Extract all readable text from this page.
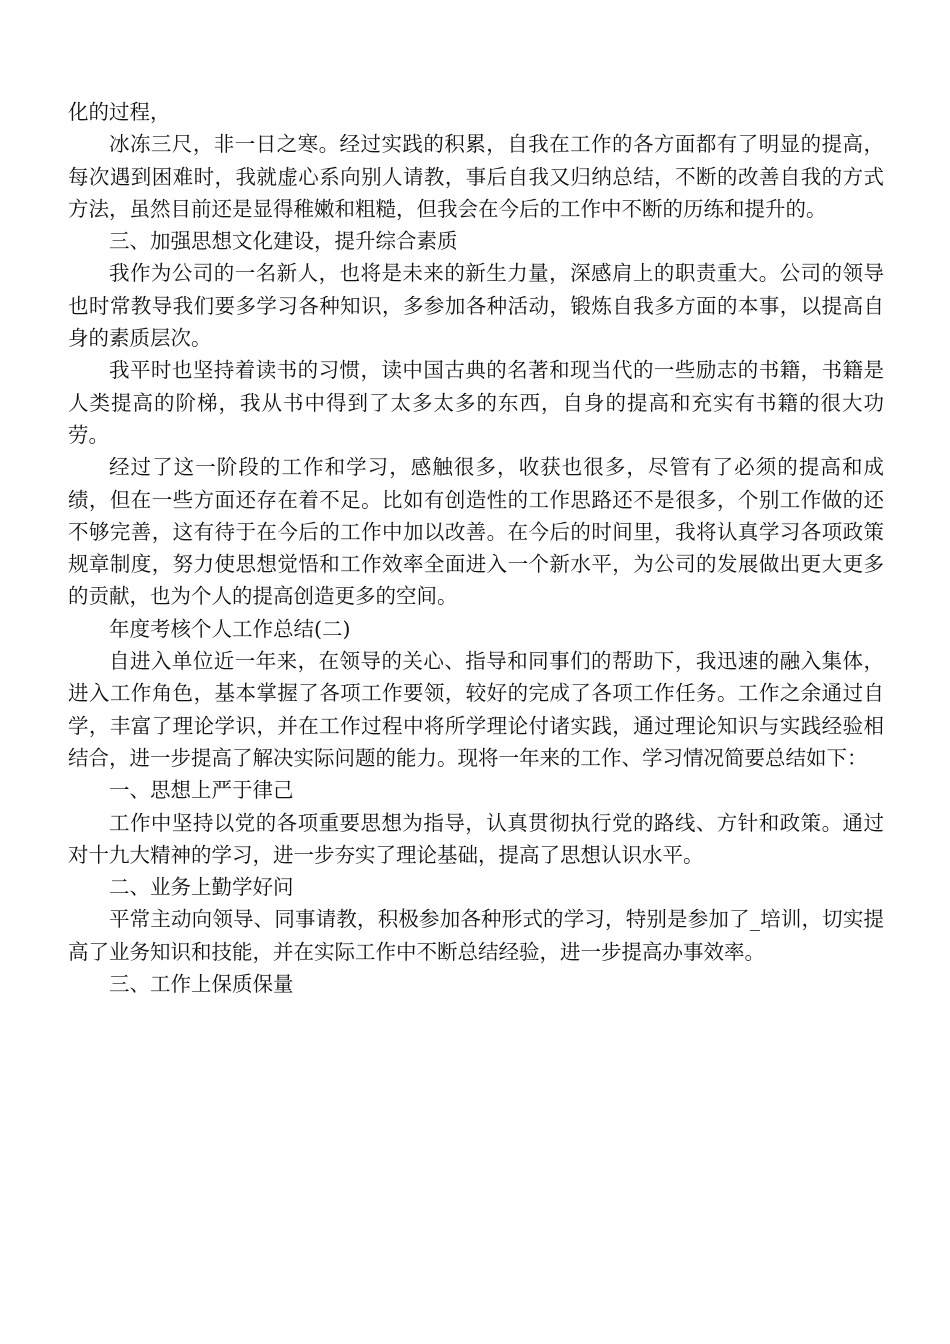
化的过程，

冰冻三尺，非一日之寒。经过实践的积累，自我在工作的各方面都有了明显的提高，每次遇到困难时，我就虚心系向别人请教，事后自我又归纳总结，不断的改善自我的方式方法，虽然目前还是显得稚嫩和粗糙，但我会在今后的工作中不断的历练和提升的。

三、加强思想文化建设，提升综合素质

我作为公司的一名新人，也将是未来的新生力量，深感肩上的职责重大。公司的领导也时常教导我们要多学习各种知识，多参加各种活动，锻炼自我多方面的本事，以提高自身的素质层次。

我平时也坚持着读书的习惯，读中国古典的名著和现当代的一些励志的书籍，书籍是人类提高的阶梯，我从书中得到了太多太多的东西，自身的提高和充实有书籍的很大功劳。

经过了这一阶段的工作和学习，感触很多，收获也很多，尽管有了必须的提高和成绩，但在一些方面还存在着不足。比如有创造性的工作思路还不是很多，个别工作做的还不够完善，这有待于在今后的工作中加以改善。在今后的时间里，我将认真学习各项政策规章制度，努力使思想觉悟和工作效率全面进入一个新水平，为公司的发展做出更大更多的贡献，也为个人的提高创造更多的空间。

年度考核个人工作总结(二)

自进入单位近一年来，在领导的关心、指导和同事们的帮助下，我迅速的融入集体，进入工作角色，基本掌握了各项工作要领，较好的完成了各项工作任务。工作之余通过自学，丰富了理论学识，并在工作过程中将所学理论付诸实践，通过理论知识与实践经验相结合，进一步提高了解决实际问题的能力。现将一年来的工作、学习情况简要总结如下：

一、思想上严于律己

工作中坚持以党的各项重要思想为指导，认真贯彻执行党的路线、方针和政策。通过对十九大精神的学习，进一步夯实了理论基础，提高了思想认识水平。

二、业务上勤学好问

平常主动向领导、同事请教，积极参加各种形式的学习，特别是参加了_培训，切实提高了业务知识和技能，并在实际工作中不断总结经验，进一步提高办事效率。

三、工作上保质保量
